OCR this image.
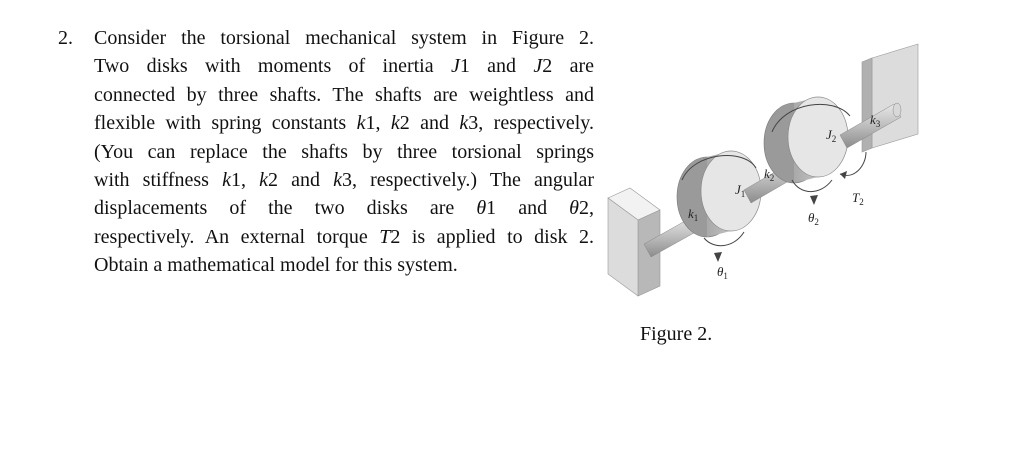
2. Consider the torsional mechanical system in Figure 2.
Two disks with moments of inertia J1 and J2 are
connected by three shafts. The shafts are weightless and
flexible with spring constants k1, k2 and k3, respectively.
(You can replace the shafts by three torsional springs
with stiffness k1, k2 and k3, respectively.) The angular
displacements of the two disks are θ1 and θ2,
respectively. An external torque T2 is applied to disk 2.
Obtain a mathematical model for this system.
$k_1$
$J_1$
$k_2$
$J_2$
$k_3$
$\theta_1$
$\theta_2$
$T_2$
Figure 2.
